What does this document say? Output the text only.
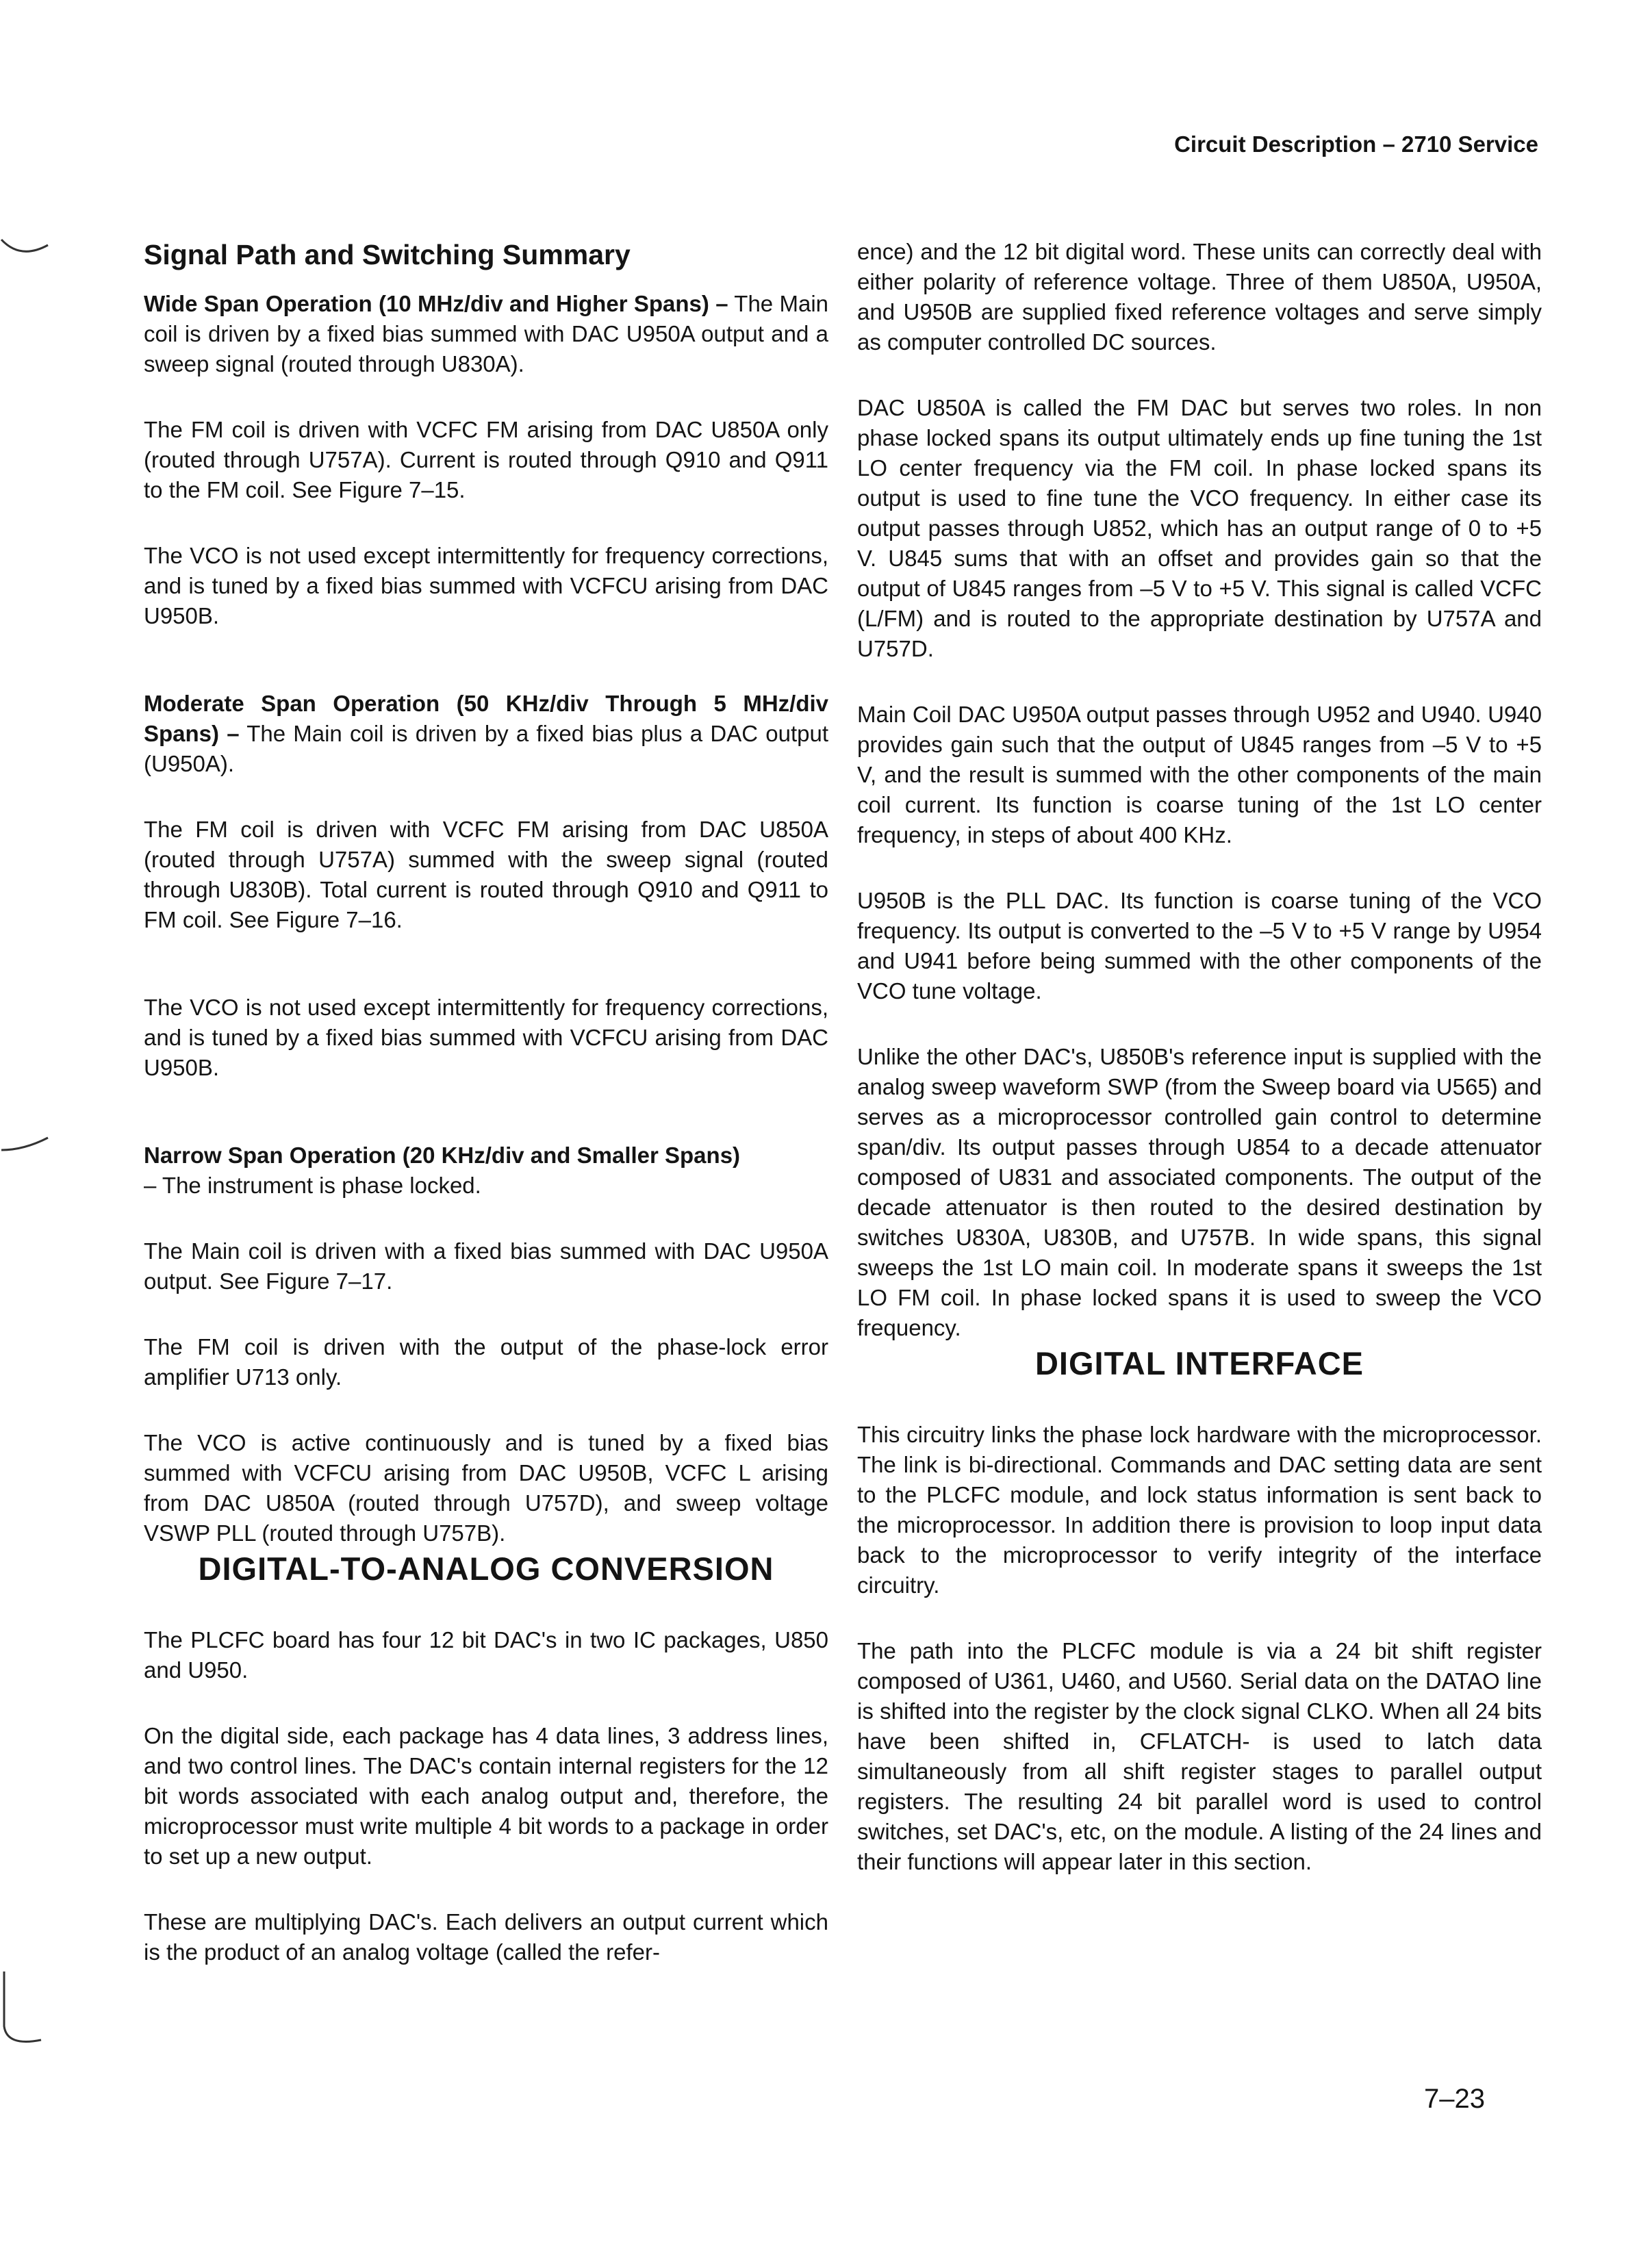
Circuit Description – 2710 Service
Signal Path and Switching Summary

Wide Span Operation (10 MHz/div and Higher Spans) – The Main coil is driven by a fixed bias summed with DAC U950A output and a sweep signal (routed through U830A).

The FM coil is driven with VCFC FM arising from DAC U850A only (routed through U757A). Current is routed through Q910 and Q911 to the FM coil. See Figure 7–15.

The VCO is not used except intermittently for frequency corrections, and is tuned by a fixed bias summed with VCFCU arising from DAC U950B.

Moderate Span Operation (50 KHz/div Through 5 MHz/div Spans) – The Main coil is driven by a fixed bias plus a DAC output (U950A).

The FM coil is driven with VCFC FM arising from DAC U850A (routed through U757A) summed with the sweep signal (routed through U830B). Total current is routed through Q910 and Q911 to FM coil. See Figure 7–16.

The VCO is not used except intermittently for frequency corrections, and is tuned by a fixed bias summed with VCFCU arising from DAC U950B.

Narrow Span Operation (20 KHz/div and Smaller Spans)
– The instrument is phase locked.

The Main coil is driven with a fixed bias summed with DAC U950A output. See Figure 7–17.

The FM coil is driven with the output of the phase-lock error amplifier U713 only.

The VCO is active continuously and is tuned by a fixed bias summed with VCFCU arising from DAC U950B, VCFC L arising from DAC U850A (routed through U757D), and sweep voltage VSWP PLL (routed through U757B).

DIGITAL-TO-ANALOG CONVERSION

The PLCFC board has four 12 bit DAC's in two IC packages, U850 and U950.

On the digital side, each package has 4 data lines, 3 address lines, and two control lines. The DAC's contain internal registers for the 12 bit words associated with each analog output and, therefore, the microprocessor must write multiple 4 bit words to a package in order to set up a new output.

These are multiplying DAC's. Each delivers an output current which is the product of an analog voltage (called the refer-

ence) and the 12 bit digital word. These units can correctly deal with either polarity of reference voltage. Three of them U850A, U950A, and U950B are supplied fixed reference voltages and serve simply as computer controlled DC sources.

DAC U850A is called the FM DAC but serves two roles. In non phase locked spans its output ultimately ends up fine tuning the 1st LO center frequency via the FM coil. In phase locked spans its output is used to fine tune the VCO frequency. In either case its output passes through U852, which has an output range of 0 to +5 V. U845 sums that with an offset and provides gain so that the output of U845 ranges from –5 V to +5 V. This signal is called VCFC (L/FM) and is routed to the appropriate destination by U757A and U757D.

Main Coil DAC U950A output passes through U952 and U940. U940 provides gain such that the output of U845 ranges from –5 V to +5 V, and the result is summed with the other components of the main coil current. Its function is coarse tuning of the 1st LO center frequency, in steps of about 400 KHz.

U950B is the PLL DAC. Its function is coarse tuning of the VCO frequency. Its output is converted to the –5 V to +5 V range by U954 and U941 before being summed with the other components of the VCO tune voltage.

Unlike the other DAC's, U850B's reference input is supplied with the analog sweep waveform SWP (from the Sweep board via U565) and serves as a microprocessor controlled gain control to determine span/div. Its output passes through U854 to a decade attenuator composed of U831 and associated components. The output of the decade attenuator is then routed to the desired destination by switches U830A, U830B, and U757B. In wide spans, this signal sweeps the 1st LO main coil. In moderate spans it sweeps the 1st LO FM coil. In phase locked spans it is used to sweep the VCO frequency.

DIGITAL INTERFACE

This circuitry links the phase lock hardware with the microprocessor. The link is bi-directional. Commands and DAC setting data are sent to the PLCFC module, and lock status information is sent back to the microprocessor. In addition there is provision to loop input data back to the microprocessor to verify integrity of the interface circuitry.

The path into the PLCFC module is via a 24 bit shift register composed of U361, U460, and U560. Serial data on the DATAO line is shifted into the register by the clock signal CLKO. When all 24 bits have been shifted in, CFLATCH- is used to latch data simultaneously from all shift register stages to parallel output registers. The resulting 24 bit parallel word is used to control switches, set DAC's, etc, on the module. A listing of the 24 lines and their functions will appear later in this section.

7–23
